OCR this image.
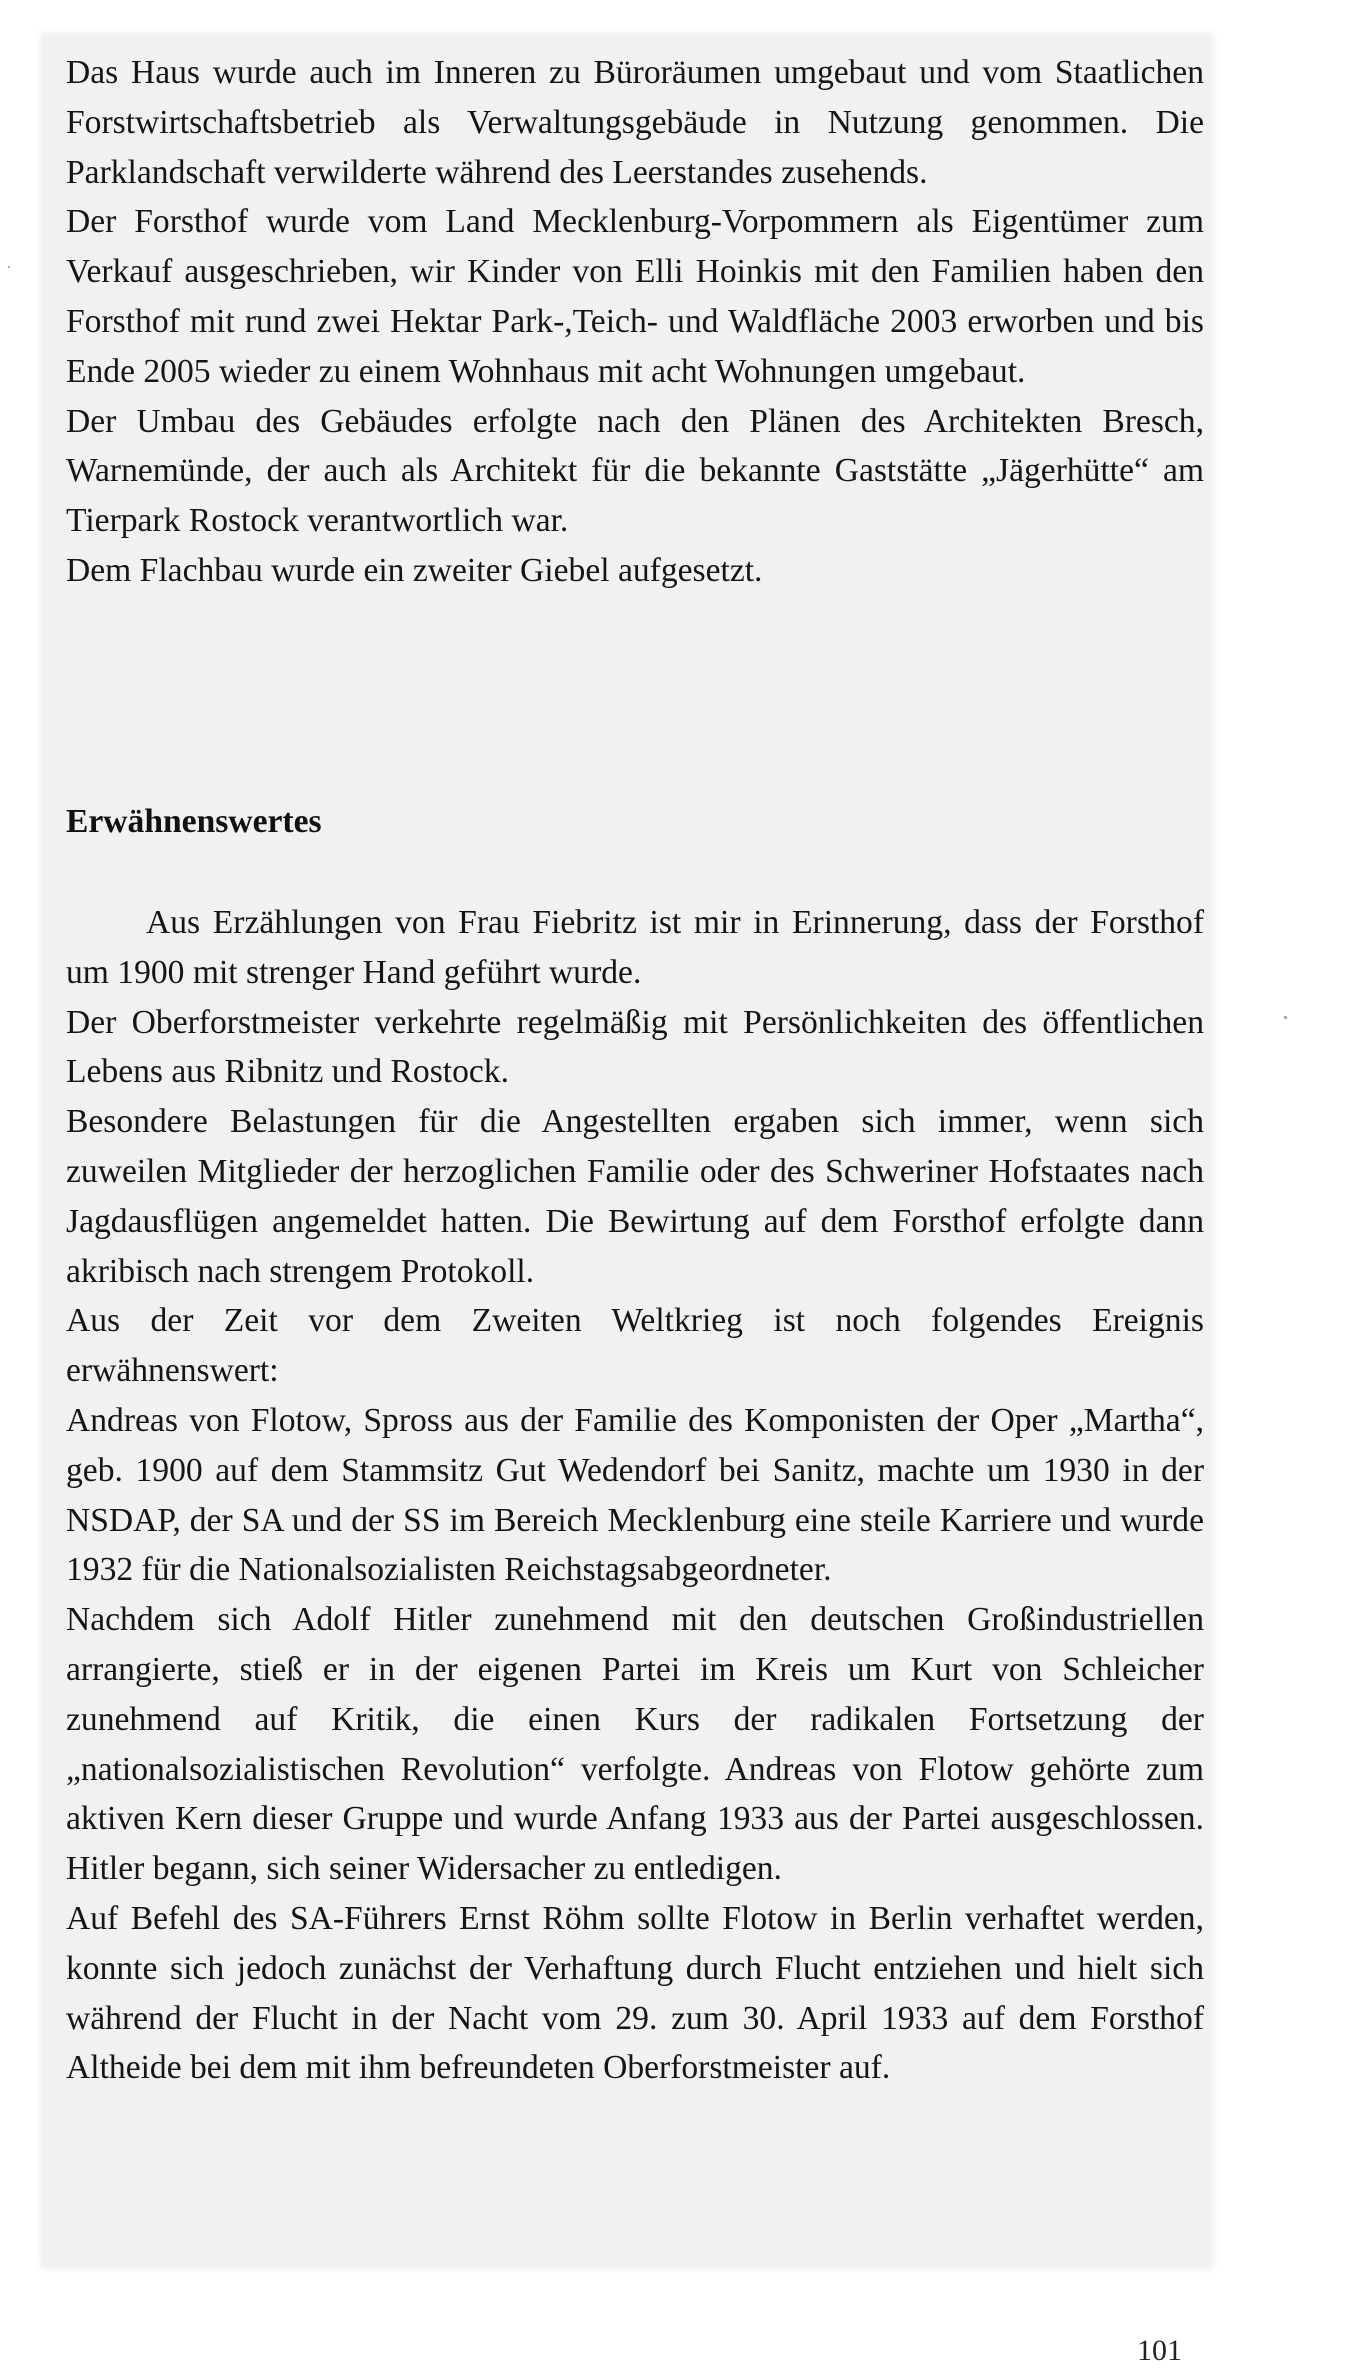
Das Haus wurde auch im Inneren zu Büroräumen umgebaut und vom Staatlichen Forstwirtschaftsbetrieb als Verwaltungsgebäude in Nutzung genommen. Die Parklandschaft verwilderte während des Leerstandes zusehends.

Der Forsthof wurde vom Land Mecklenburg-Vorpommern als Eigentümer zum Verkauf ausgeschrieben, wir Kinder von Elli Hoinkis mit den Familien haben den Forsthof mit rund zwei Hektar Park-,Teich- und Waldfläche 2003 erworben und bis Ende 2005 wieder zu einem Wohnhaus mit acht Wohnungen umgebaut.

Der Umbau des Gebäudes erfolgte nach den Plänen des Architekten Bresch, Warnemünde, der auch als Architekt für die bekannte Gaststätte „Jägerhütte“ am Tierpark Rostock verantwortlich war.

Dem Flachbau wurde ein zweiter Giebel aufgesetzt.

Erwähnenswertes

Aus Erzählungen von Frau Fiebritz ist mir in Erinnerung, dass der Forsthof um 1900 mit strenger Hand geführt wurde.

Der Oberforstmeister verkehrte regelmäßig mit Persönlichkeiten des öffentlichen Lebens aus Ribnitz und Rostock.

Besondere Belastungen für die Angestellten ergaben sich immer, wenn sich zuweilen Mitglieder der herzoglichen Familie oder des Schweriner Hofstaates nach Jagdausflügen angemeldet hatten. Die Bewirtung auf dem Forsthof erfolgte dann akribisch nach strengem Protokoll.

Aus der Zeit vor dem Zweiten Weltkrieg ist noch folgendes Ereignis erwähnenswert:

Andreas von Flotow, Spross aus der Familie des Komponisten der Oper „Martha“, geb. 1900 auf dem Stammsitz Gut Wedendorf bei Sanitz, machte um 1930 in der NSDAP, der SA und der SS im Bereich Mecklenburg eine steile Karriere und wurde 1932 für die Nationalsozialisten Reichstagsabgeordneter.

Nachdem sich Adolf Hitler zunehmend mit den deutschen Großindustriellen arrangierte, stieß er in der eigenen Partei im Kreis um Kurt von Schleicher zunehmend auf Kritik, die einen Kurs der radikalen Fortsetzung der „nationalsozialistischen Revolution“ verfolgte. Andreas von Flotow gehörte zum aktiven Kern dieser Gruppe und wurde Anfang 1933 aus der Partei ausgeschlossen. Hitler begann, sich seiner Widersacher zu entledigen.

Auf Befehl des SA-Führers Ernst Röhm sollte Flotow in Berlin verhaftet werden, konnte sich jedoch zunächst der Verhaftung durch Flucht entziehen und hielt sich während der Flucht in der Nacht vom 29. zum 30. April 1933 auf dem Forsthof Altheide bei dem mit ihm befreundeten Oberforstmeister auf.

101
